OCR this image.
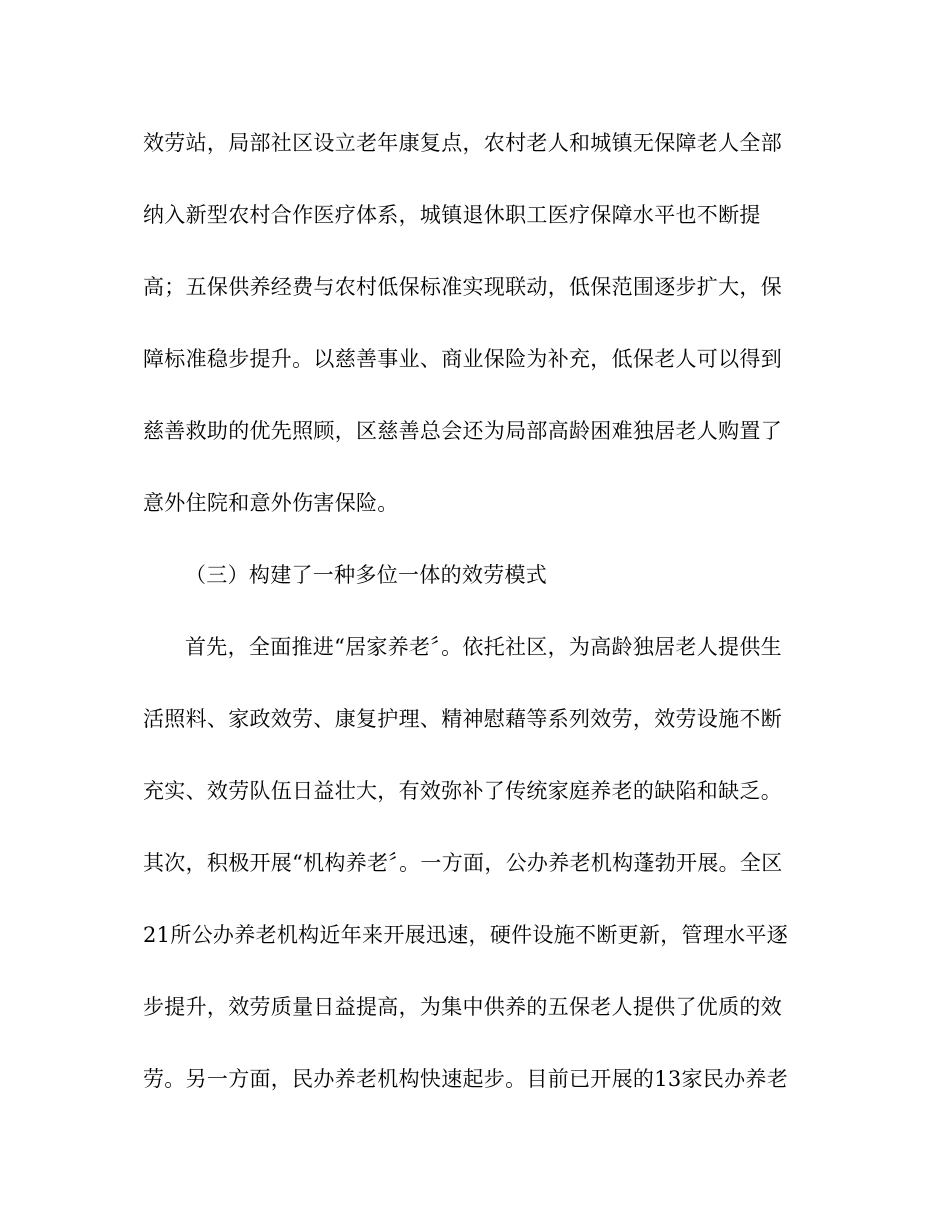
效劳站，局部社区设立老年康复点，农村老人和城镇无保障老人全部
纳入新型农村合作医疗体系，城镇退休职工医疗保障水平也不断提
高；五保供养经费与农村低保标准实现联动，低保范围逐步扩大，保
障标准稳步提升。以慈善事业、商业保险为补充，低保老人可以得到
慈善救助的优先照顾，区慈善总会还为局部高龄困难独居老人购置了
意外住院和意外伤害保险。
（三）构建了一种多位一体的效劳模式
首先，全面推进“居家养老〞。依托社区，为高龄独居老人提供生
活照料、家政效劳、康复护理、精神慰藉等系列效劳，效劳设施不断
充实、效劳队伍日益壮大，有效弥补了传统家庭养老的缺陷和缺乏。
其次，积极开展“机构养老〞。一方面，公办养老机构蓬勃开展。全区
21所公办养老机构近年来开展迅速，硬件设施不断更新，管理水平逐
步提升，效劳质量日益提高，为集中供养的五保老人提供了优质的效
劳。另一方面，民办养老机构快速起步。目前已开展的13家民办养老
